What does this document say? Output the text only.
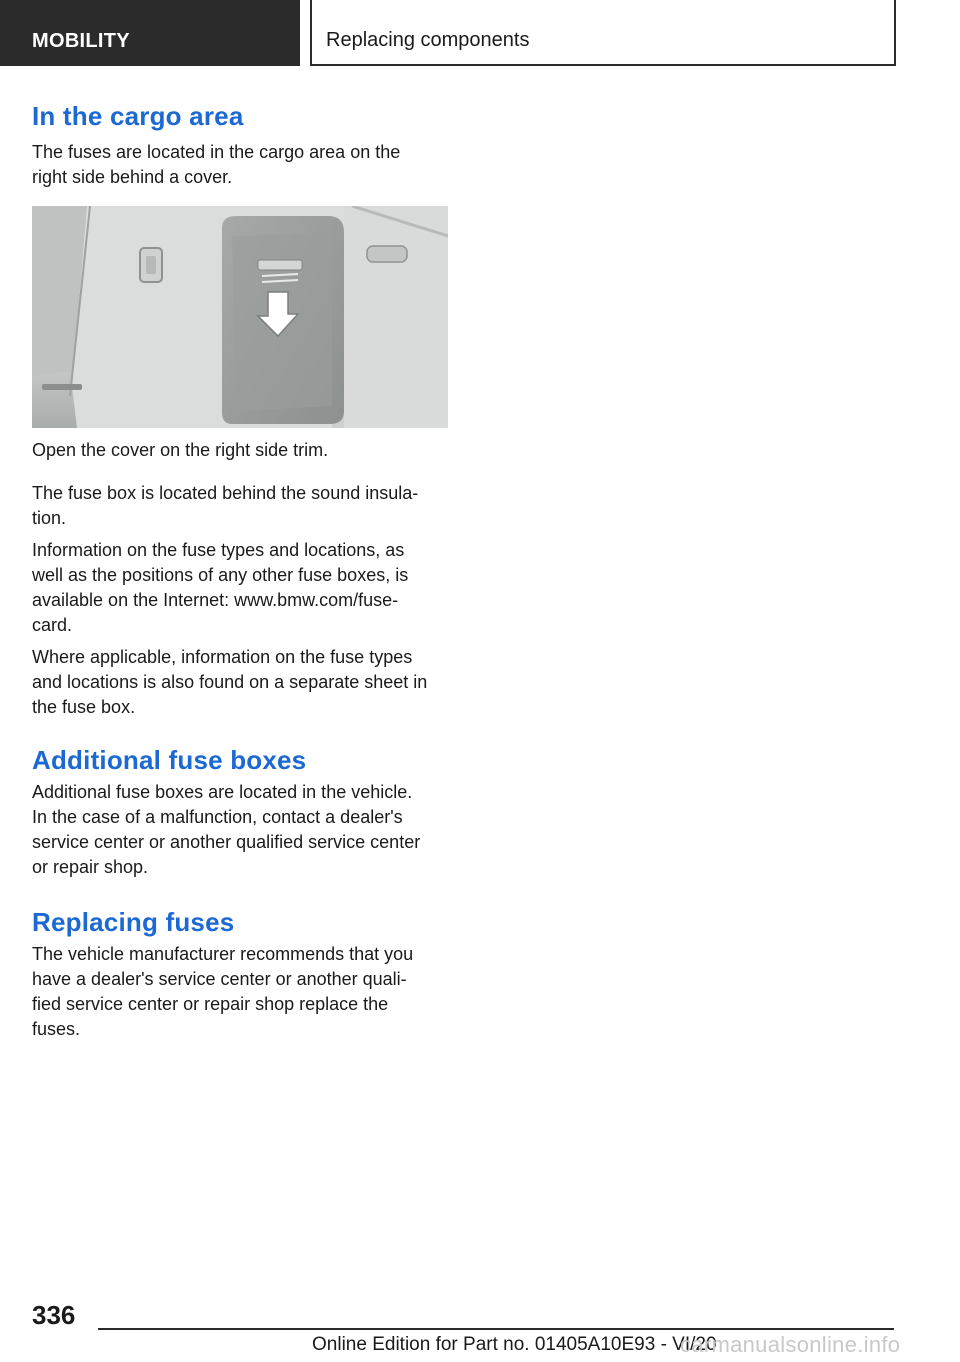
MOBILITY	Replacing components
In the cargo area

The fuses are located in the cargo area on the
right side behind a cover.

Open the cover on the right side trim.

The fuse box is located behind the sound insula-
tion.

Information on the fuse types and locations, as
well as the positions of any other fuse boxes, is
available on the Internet: www.bmw.com/fuse-
card.

Where applicable, information on the fuse types
and locations is also found on a separate sheet in
the fuse box.

Additional fuse boxes

Additional fuse boxes are located in the vehicle.
In the case of a malfunction, contact a dealer's
service center or another qualified service center
or repair shop.

Replacing fuses

The vehicle manufacturer recommends that you
have a dealer's service center or another quali-
fied service center or repair shop replace the
fuses.

336
Online Edition for Part no. 01405A10E93 - VI/20
carmanualsonline.info
